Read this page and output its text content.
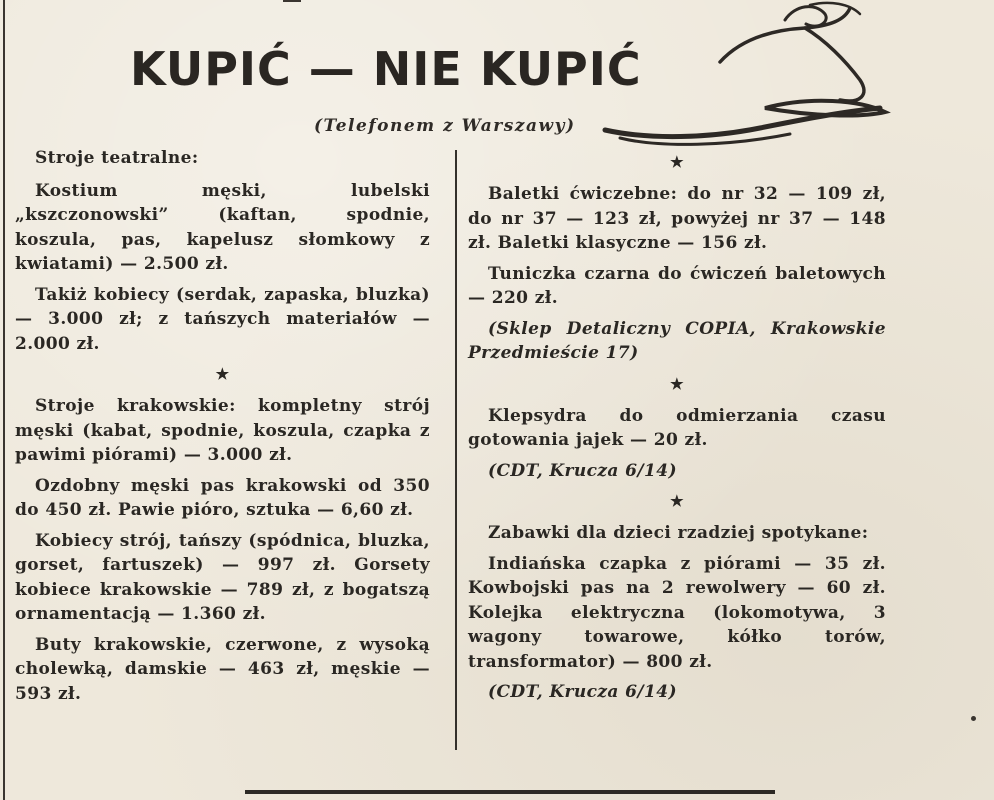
KUPIĆ — NIE KUPIĆ
(Telefonem z Warszawy)
Stroje teatralne:

Kostium męski, lubelski „kszczonowski” (kaftan, spodnie, koszula, pas, kapelusz słomkowy z kwiatami) — 2.500 zł.

Takiż kobiecy (serdak, zapaska, bluzka) — 3.000 zł; z tańszych materiałów — 2.000 zł.

★

Stroje krakowskie: kompletny strój męski (kabat, spodnie, koszula, czapka z pawimi piórami) — 3.000 zł.

Ozdobny męski pas krakowski od 350 do 450 zł. Pawie pióro, sztuka — 6,60 zł.

Kobiecy strój, tańszy (spódnica, bluzka, gorset, fartuszek) — 997 zł. Gorsety kobiece krakowskie — 789 zł, z bogatszą ornamentacją — 1.360 zł.

Buty krakowskie, czerwone, z wysoką cholewką, damskie — 463 zł, męskie — 593 zł.

★

Baletki ćwiczebne: do nr 32 — 109 zł, do nr 37 — 123 zł, powyżej nr 37 — 148 zł. Baletki klasyczne — 156 zł.

Tuniczka czarna do ćwiczeń baletowych — 220 zł.

(Sklep Detaliczny COPIA, Krakowskie Przedmieście 17)

★

Klepsydra do odmierzania czasu gotowania jajek — 20 zł.

(CDT, Krucza 6/14)

★

Zabawki dla dzieci rzadziej spotykane:

Indiańska czapka z piórami — 35 zł. Kowbojski pas na 2 rewolwery — 60 zł. Kolejka elektryczna (lokomotywa, 3 wagony towarowe, kółko torów, transformator) — 800 zł.

(CDT, Krucza 6/14)
